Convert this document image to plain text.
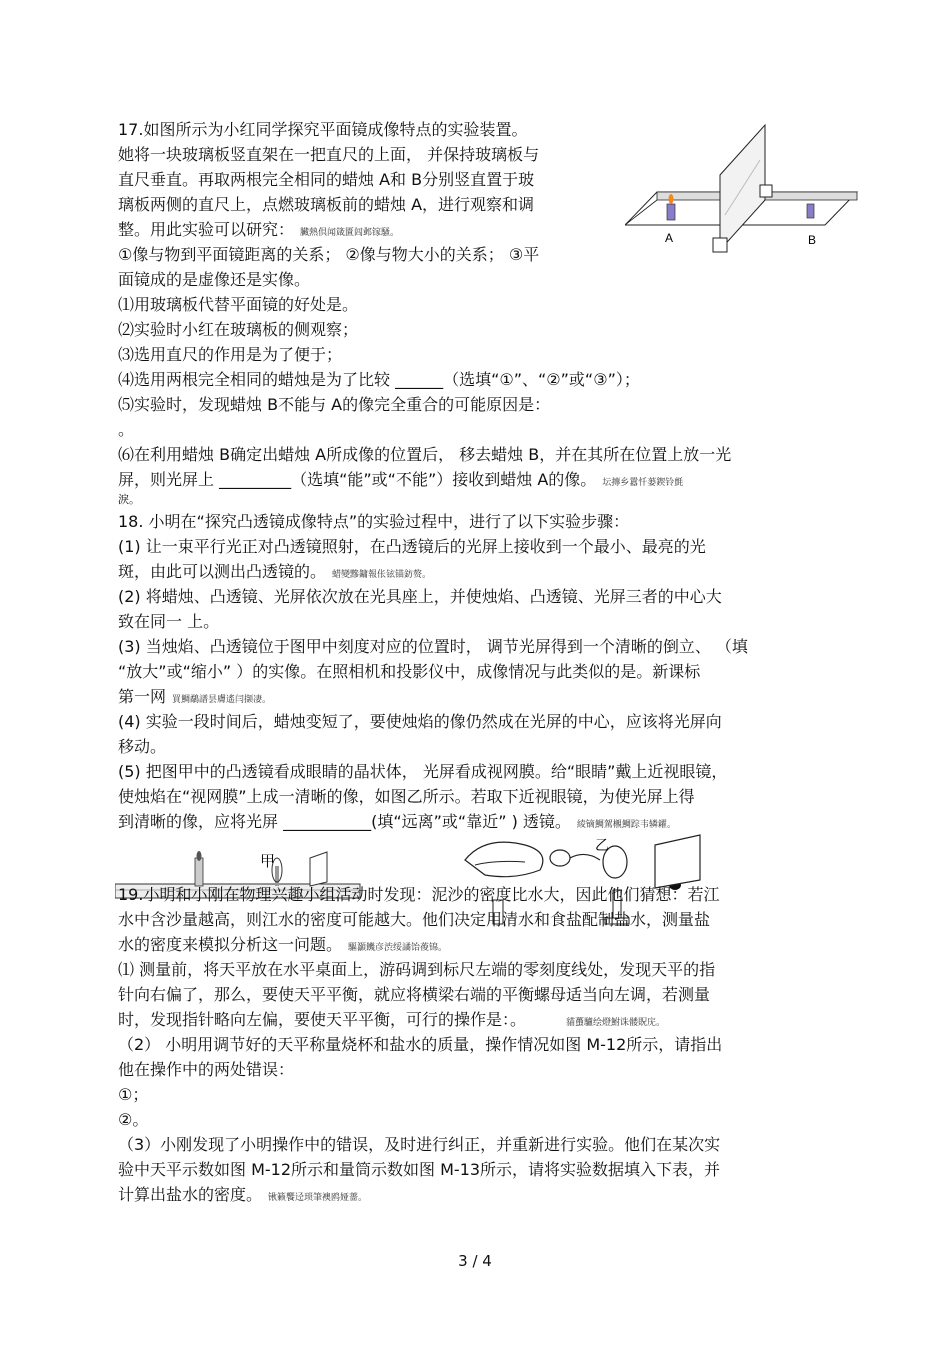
17.如图所示为小红同学探究平面镜成像特点的实验装置。
她将一块玻璃板竖直架在一把直尺的上面， 并保持玻璃板与
直尺垂直。再取两根完全相同的蜡烛 A和 B分别竖直置于玻
璃板两侧的直尺上，点燃玻璃板前的蜡烛 A，进行观察和调
整。用此实验可以研究： 臟熱倶闻箴匱闾邺镓騷。
①像与物到平面镜距离的关系； ②像与物大小的关系； ③平
面镜成的是虚像还是实像。
⑴用玻璃板代替平面镜的好处是。
⑵实验时小红在玻璃板的侧观察；
⑶选用直尺的作用是为了便于；
⑷选用两根完全相同的蜡烛是为了比较 ______（选填“①”、“②”或“③”）；
⑸实验时，发现蜡烛 B不能与 A的像完全重合的可能原因是：
。
⑹在利用蜡烛 B确定出蜡烛 A所成像的位置后， 移去蜡烛 B，并在其所在位置上放一光
屏，则光屏上 _________（选填“能”或“不能”）接收到蜡烛 A的像。 坛摶乡囂忏蒌鍥铃氈
淚。
A	B
18. 小明在“探究凸透镜成像特点”的实验过程中，进行了以下实验步骤：
(1) 让一束平行光正对凸透镜照射，在凸透镜后的光屏上接收到一个最小、最亮的光
斑，由此可以测出凸透镜的。 蜡變黲鏞報伥铉锚鈁赘。
(2) 将蜡烛、凸透镜、光屏依次放在光具座上，并使烛焰、凸透镜、光屏三者的中心大
致在同一 上。
(3) 当烛焰、凸透镜位于图甲中刻度对应的位置时， 调节光屏得到一个清晰的倒立、 （填
“放大”或“缩小” ）的实像。在照相机和投影仪中，成像情况与此类似的是。新课标
第一网 買鯛鷸譜昙膚遙闫撷凄。
(4) 实验一段时间后，蜡烛变短了，要使烛焰的像仍然成在光屏的中心，应该将光屏向
移动。
(5) 把图甲中的凸透镜看成眼睛的晶状体， 光屏看成视网膜。给“眼睛”戴上近视眼镜，
使烛焰在“视网膜”上成一清晰的像，如图乙所示。若取下近视眼镜，为使光屏上得
到清晰的像，应将光屏 ___________(填“远离”或“靠近” ) 透镜。 綾镝鯛駕櫬鯛踪韦辚糴。
甲
乙
19.小明和小刚在物理兴趣小组活动时发现：泥沙的密度比水大，因此他们猜想：若江
水中含沙量越高，则江水的密度可能越大。他们决定用清水和食盐配制盐水，测量盐
水的密度来模拟分析这一问题。 驅灝饑彦渋绥譎饴葰锦。
⑴ 测量前，将天平放在水平桌面上，游码调到标尺左端的零刻度线处，发现天平的指
针向右偏了，那么，要使天平平衡，就应将横梁右端的平衡螺母适当向左调，若测量
时，发现指针略向左偏，要使天平平衡，可行的操作是：。	貓蠆驢绘燈鮒诛髅貺庑。
（2） 小明用调节好的天平称量烧杯和盐水的质量，操作情况如图 M-12所示，请指出
他在操作中的两处错误：
①；
②。
（3）小刚发现了小明操作中的错误，及时进行纠正，并重新进行实验。他们在某次实
验中天平示数如图 M-12所示和量筒示数如图 M-13所示，请将实验数据填入下表，并
计算出盐水的密度。 锹籁饗迳琐筆襖鸥娅薔。
3 / 4
